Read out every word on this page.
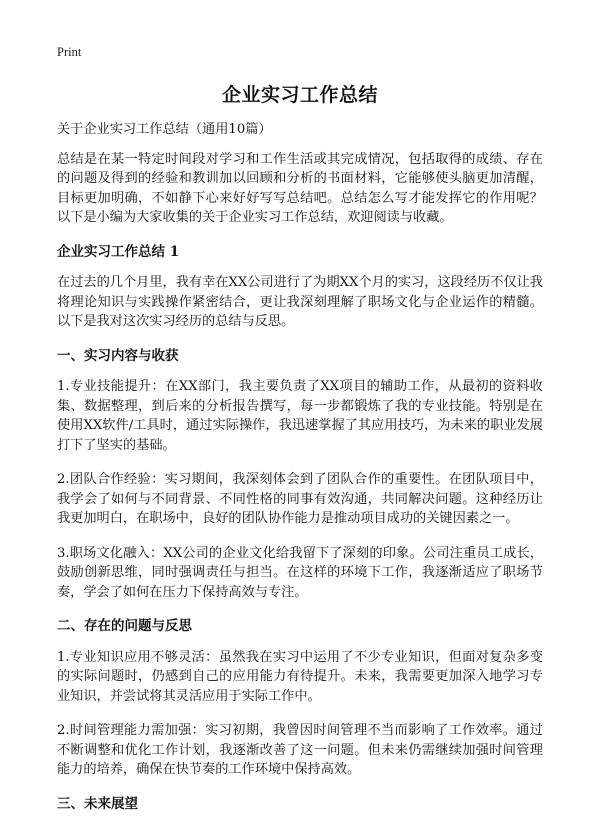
Print
企业实习工作总结

关于企业实习工作总结（通用10篇）

总结是在某一特定时间段对学习和工作生活或其完成情况，包括取得的成绩、存在的问题及得到的经验和教训加以回顾和分析的书面材料，它能够使头脑更加清醒，目标更加明确，不如静下心来好好写写总结吧。总结怎么写才能发挥它的作用呢？以下是小编为大家收集的关于企业实习工作总结，欢迎阅读与收藏。

企业实习工作总结 1

在过去的几个月里，我有幸在XX公司进行了为期XX个月的实习，这段经历不仅让我将理论知识与实践操作紧密结合，更让我深刻理解了职场文化与企业运作的精髓。以下是我对这次实习经历的总结与反思。

一、实习内容与收获

1.专业技能提升：在XX部门，我主要负责了XX项目的辅助工作，从最初的资料收集、数据整理，到后来的分析报告撰写，每一步都锻炼了我的专业技能。特别是在使用XX软件/工具时，通过实际操作，我迅速掌握了其应用技巧，为未来的职业发展打下了坚实的基础。

2.团队合作经验：实习期间，我深刻体会到了团队合作的重要性。在团队项目中，我学会了如何与不同背景、不同性格的同事有效沟通，共同解决问题。这种经历让我更加明白，在职场中，良好的团队协作能力是推动项目成功的关键因素之一。

3.职场文化融入：XX公司的企业文化给我留下了深刻的印象。公司注重员工成长，鼓励创新思维，同时强调责任与担当。在这样的环境下工作，我逐渐适应了职场节奏，学会了如何在压力下保持高效与专注。

二、存在的问题与反思

1.专业知识应用不够灵活：虽然我在实习中运用了不少专业知识，但面对复杂多变的实际问题时，仍感到自己的应用能力有待提升。未来，我需要更加深入地学习专业知识，并尝试将其灵活应用于实际工作中。

2.时间管理能力需加强：实习初期，我曾因时间管理不当而影响了工作效率。通过不断调整和优化工作计划，我逐渐改善了这一问题。但未来仍需继续加强时间管理能力的培养，确保在快节奏的工作环境中保持高效。

三、未来展望
